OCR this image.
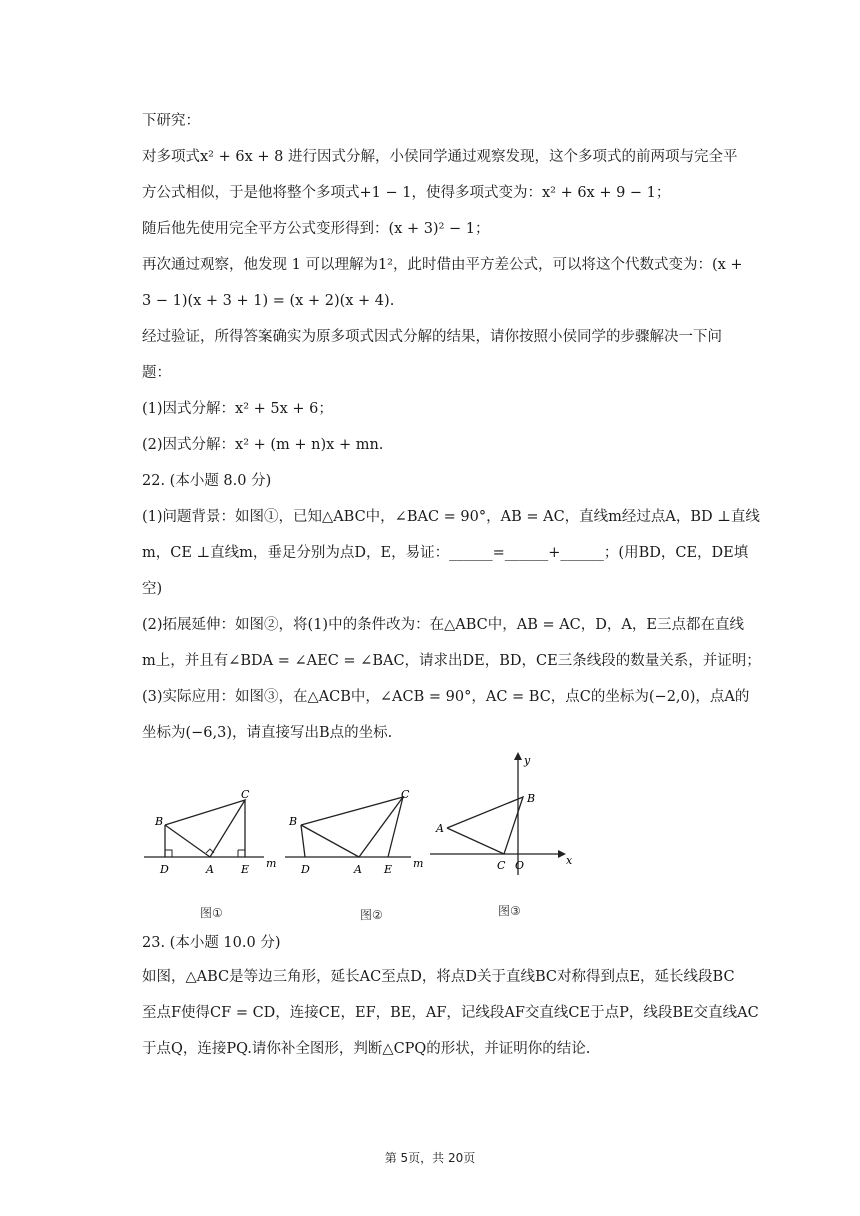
下研究：
对多项式x² + 6x + 8 进行因式分解，小侯同学通过观察发现，这个多项式的前两项与完全平
方公式相似，于是他将整个多项式+1 − 1，使得多项式变为：x² + 6x + 9 − 1；
随后他先使用完全平方公式变形得到：(x + 3)² − 1；
再次通过观察，他发现 1 可以理解为1²，此时借由平方差公式，可以将这个代数式变为：(x +
3 − 1)(x + 3 + 1) = (x + 2)(x + 4).
经过验证，所得答案确实为原多项式因式分解的结果，请你按照小侯同学的步骤解决一下问
题：
(1)因式分解：x² + 5x + 6；
(2)因式分解：x² + (m + n)x + mn.
22. (本小题 8.0 分)
(1)问题背景：如图①，已知△ABC中，∠BAC = 90°，AB = AC，直线m经过点A，BD ⊥直线
m，CE ⊥直线m，垂足分别为点D，E，易证：______=______+______；(用BD，CE，DE填
空)
(2)拓展延伸：如图②，将(1)中的条件改为：在△ABC中，AB = AC，D，A，E三点都在直线
m上，并且有∠BDA = ∠AEC = ∠BAC，请求出DE，BD，CE三条线段的数量关系，并证明；
(3)实际应用：如图③，在△ACB中，∠ACB = 90°，AC = BC，点C的坐标为(−2,0)，点A的
坐标为(−6,3)，请直接写出B点的坐标.
B
C
D	A E m
图①
B
C
D	A E m
图②
A
B
C O	x
y
图③
23. (本小题 10.0 分)
如图，△ABC是等边三角形，延长AC至点D，将点D关于直线BC对称得到点E，延长线段BC
至点F使得CF = CD，连接CE，EF，BE，AF，记线段AF交直线CE于点P，线段BE交直线AC
于点Q，连接PQ.请你补全图形，判断△CPQ的形状，并证明你的结论.
第 5页，共 20页
